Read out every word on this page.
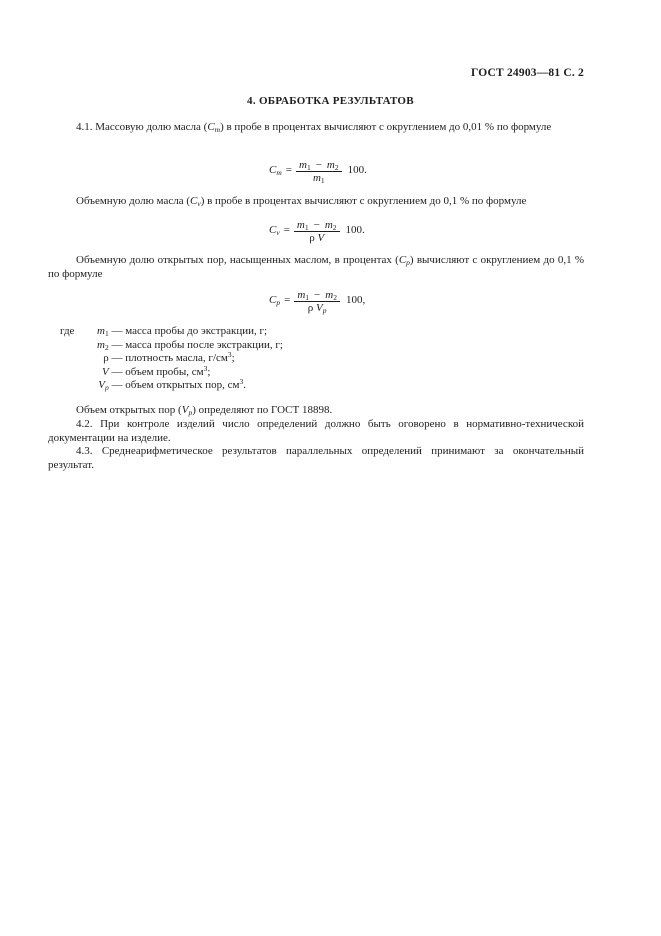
ГОСТ 24903—81 С. 2
4. ОБРАБОТКА РЕЗУЛЬТАТОВ
4.1. Массовую долю масла $(C_m)$ в пробе в процентах вычисляют с округлением до 0,01 % по формуле
$C_m = \frac{m_1 - m_2}{m_1} 100$.
Объемную долю масла $(C_v)$ в пробе в процентах вычисляют с округлением до 0,1 % по формуле
$C_v = \frac{m_1 - m_2}{\text{ρ V}} 100$.
Объемную долю открытых пор, насыщенных маслом, в процентах $(C_p)$ вычисляют с округлением до 0,1 % по формуле
$C_p = \frac{m_1 - m_2}{\rho V_p} 100$,
где $m_1$ — масса пробы до экстракции, г;
$m_2$ — масса пробы после экстракции, г;
ρ — плотность масла, $г/см^3$;
V — объем пробы, $см^3$;
$V_p$ — объем открытых пор, $см^3$.
Объем открытых пор $(V_p)$ определяют по ГОСТ 18898.
4.2. При контроле изделий число определений должно быть оговорено в нормативно-технической документации на изделие.
4.3. Среднеарифметическое результатов параллельных определений принимают за окончательный результат.
